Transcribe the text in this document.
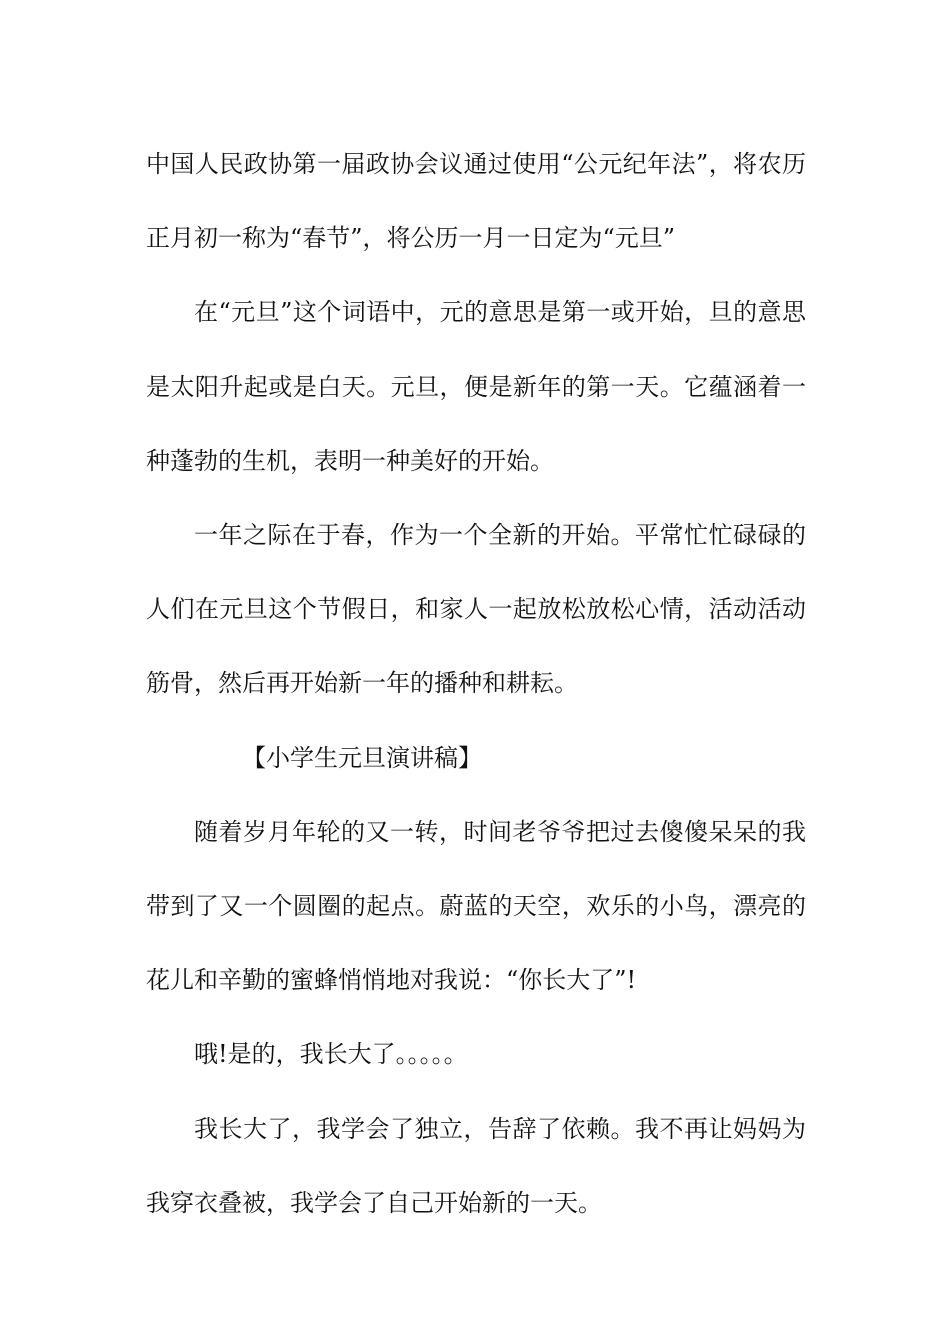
中国人民政协第一届政协会议通过使用“公元纪年法”，将农历正月初一称为“春节”，将公历一月一日定为“元旦”

在“元旦”这个词语中，元的意思是第一或开始，旦的意思是太阳升起或是白天。元旦，便是新年的第一天。它蕴涵着一种蓬勃的生机，表明一种美好的开始。

一年之际在于春，作为一个全新的开始。平常忙忙碌碌的人们在元旦这个节假日，和家人一起放松放松心情，活动活动筋骨，然后再开始新一年的播种和耕耘。

【小学生元旦演讲稿】

随着岁月年轮的又一转，时间老爷爷把过去傻傻呆呆的我带到了又一个圆圈的起点。蔚蓝的天空，欢乐的小鸟，漂亮的花儿和辛勤的蜜蜂悄悄地对我说：“你长大了”!

哦!是的，我长大了。。。。。

我长大了，我学会了独立，告辞了依赖。我不再让妈妈为我穿衣叠被，我学会了自己开始新的一天。
